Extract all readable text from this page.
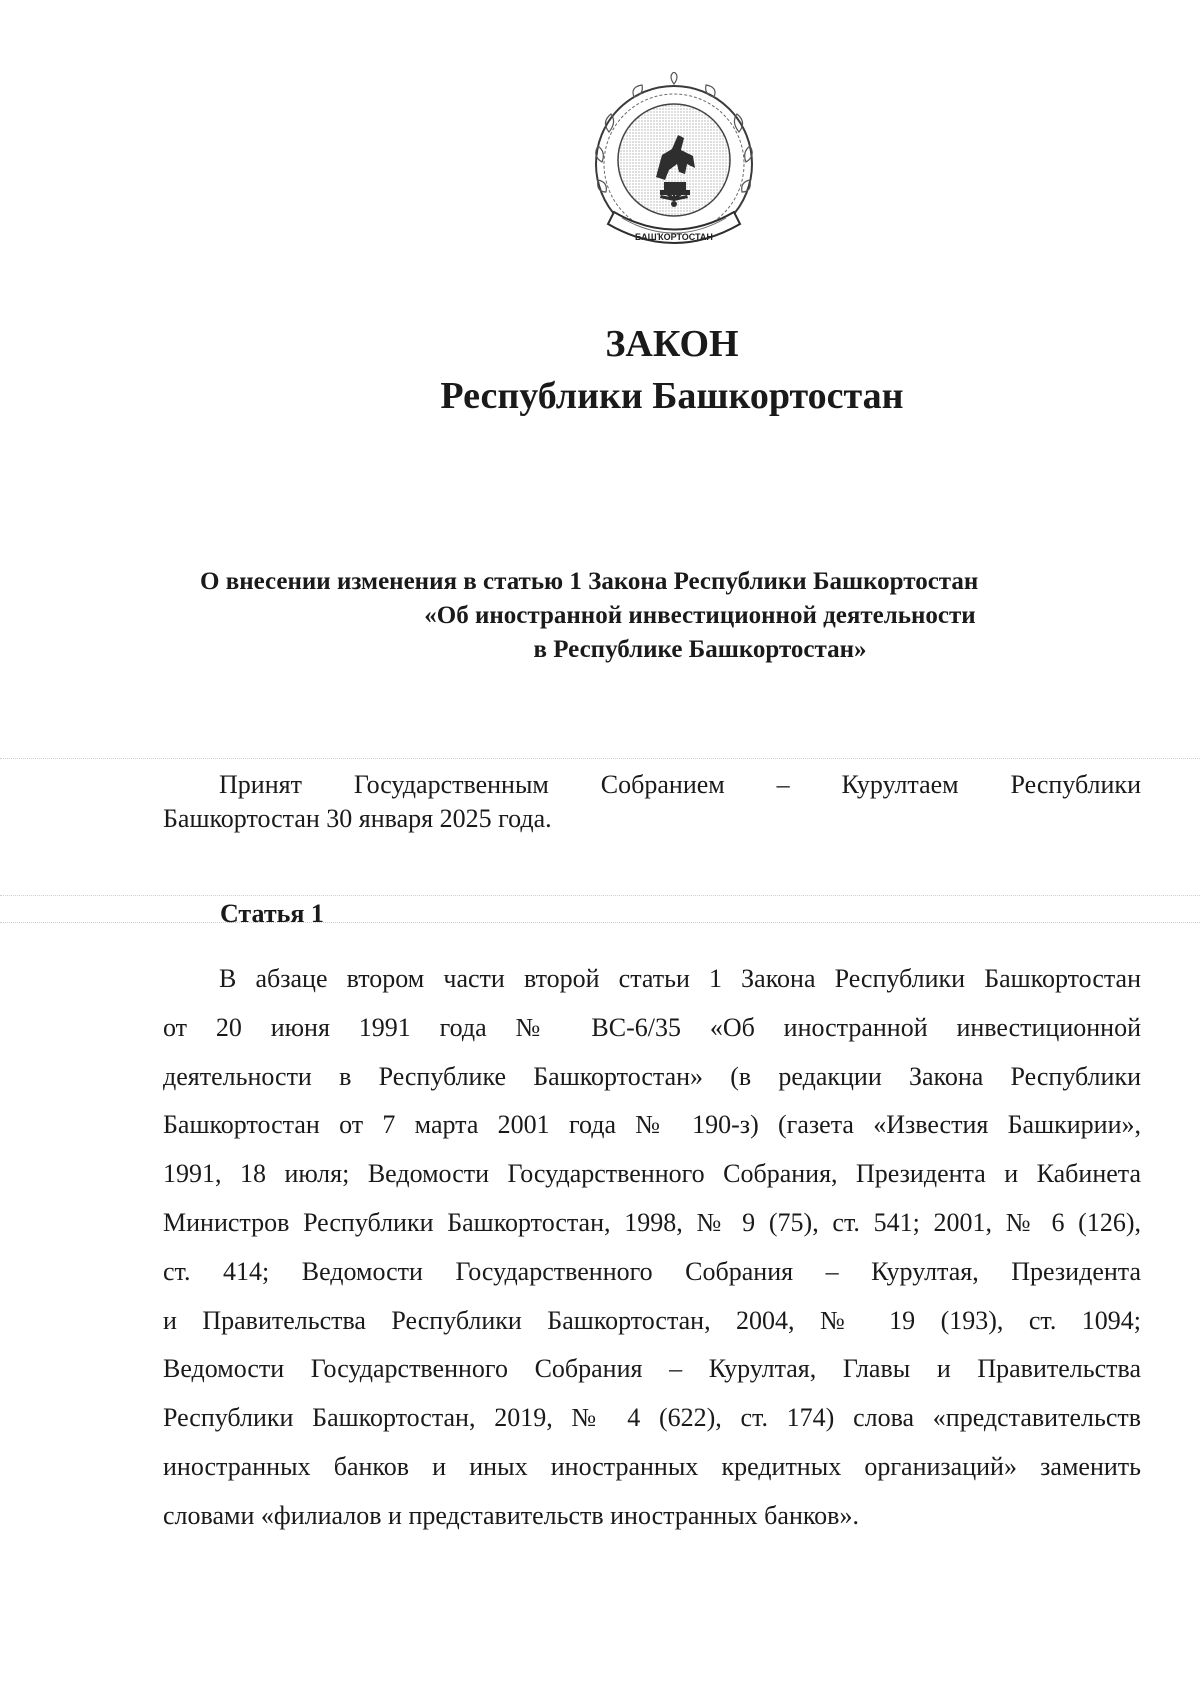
БАШҠОРТОСТАН
ЗАКОН
Республики Башкортостан
О внесении изменения в статью 1 Закона Республики Башкортостан
«Об иностранной инвестиционной деятельности
в Республике Башкортостан»
Принят Государственным Собранием – Курултаем Республики
Башкортостан 30 января 2025 года.
Статья 1
В абзаце втором части второй статьи 1 Закона Республики Башкортостан
от 20 июня 1991 года № ВС-6/35 «Об иностранной инвестиционной
деятельности в Республике Башкортостан» (в редакции Закона Республики
Башкортостан от 7 марта 2001 года № 190-з) (газета «Известия Башкирии»,
1991, 18 июля; Ведомости Государственного Собрания, Президента и Кабинета
Министров Республики Башкортостан, 1998, № 9 (75), ст. 541; 2001, № 6 (126),
ст. 414; Ведомости Государственного Собрания – Курултая, Президента
и Правительства Республики Башкортостан, 2004, № 19 (193), ст. 1094;
Ведомости Государственного Собрания – Курултая, Главы и Правительства
Республики Башкортостан, 2019, № 4 (622), ст. 174) слова «представительств
иностранных банков и иных иностранных кредитных организаций» заменить
словами «филиалов и представительств иностранных банков».
